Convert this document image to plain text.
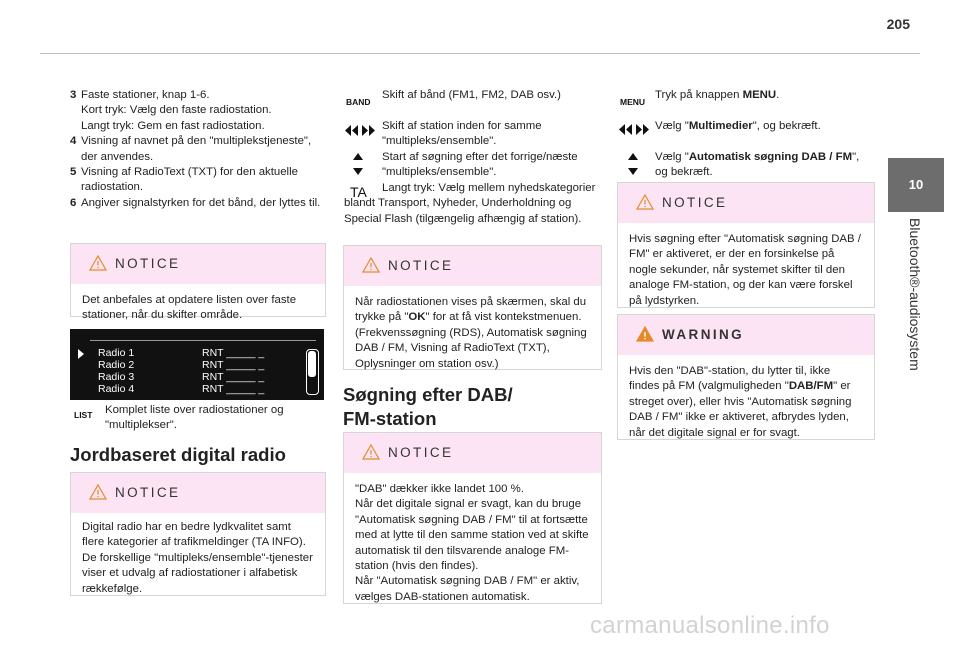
205
10
Bluetooth®-audiosystem
3 Faste stationer, knap 1-6.
Kort tryk: Vælg den faste radiostation.
Langt tryk: Gem en fast radiostation.
4 Visning af navnet på den "multiplekstjeneste", der anvendes.
5 Visning af RadioText (TXT) for den aktuelle radiostation.
6 Angiver signalstyrken for det bånd, der lyttes til.
NOTICE
Det anbefales at opdatere listen over faste stationer, når du skifter område.
Radio 1
Radio 2
Radio 3
Radio 4
RNT _____ _
RNT _____ _
RNT _____ _
RNT _____ _
LIST Komplet liste over radiostationer og "multiplekser".
Jordbaseret digital radio
NOTICE
Digital radio har en bedre lydkvalitet samt flere kategorier af trafikmeldinger (TA INFO).
De forskellige "multipleks/ensemble"-tjenester viser et udvalg af radiostationer i alfabetisk rækkefølge.
BAND
Skift af bånd (FM1, FM2, DAB osv.)
Skift af station inden for samme "multipleks/ensemble".
Start af søgning efter det forrige/næste "multipleks/ensemble".
TA	Langt tryk: Vælg mellem nyhedskategorier blandt Transport, Nyheder, Underholdning og Special Flash (tilgængelig afhængig af station).
NOTICE
Når radiostationen vises på skærmen, skal du trykke på "OK" for at få vist kontekstmenuen.
(Frekvenssøgning (RDS), Automatisk søgning DAB / FM, Visning af RadioText (TXT), Oplysninger om station osv.)
Søgning efter DAB/
FM-station
NOTICE
"DAB" dækker ikke landet 100 %.
Når det digitale signal er svagt, kan du bruge "Automatisk søgning DAB / FM" til at fortsætte med at lytte til den samme station ved at skifte automatisk til den tilsvarende analoge FM-station (hvis den findes).
Når "Automatisk søgning DAB / FM" er aktiv, vælges DAB-stationen automatisk.
MENU
Tryk på knappen MENU.
Vælg "Multimedier", og bekræft.
Vælg "Automatisk søgning DAB / FM", og bekræft.
NOTICE
Hvis søgning efter "Automatisk søgning DAB / FM" er aktiveret, er der en forsinkelse på nogle sekunder, når systemet skifter til den analoge FM-station, og der kan være forskel på lydstyrken.
WARNING
Hvis den "DAB"-station, du lytter til, ikke findes på FM (valgmuligheden "DAB/FM" er streget over), eller hvis "Automatisk søgning DAB / FM" ikke er aktiveret, afbrydes lyden, når det digitale signal er for svagt.
carmanualsonline.info
